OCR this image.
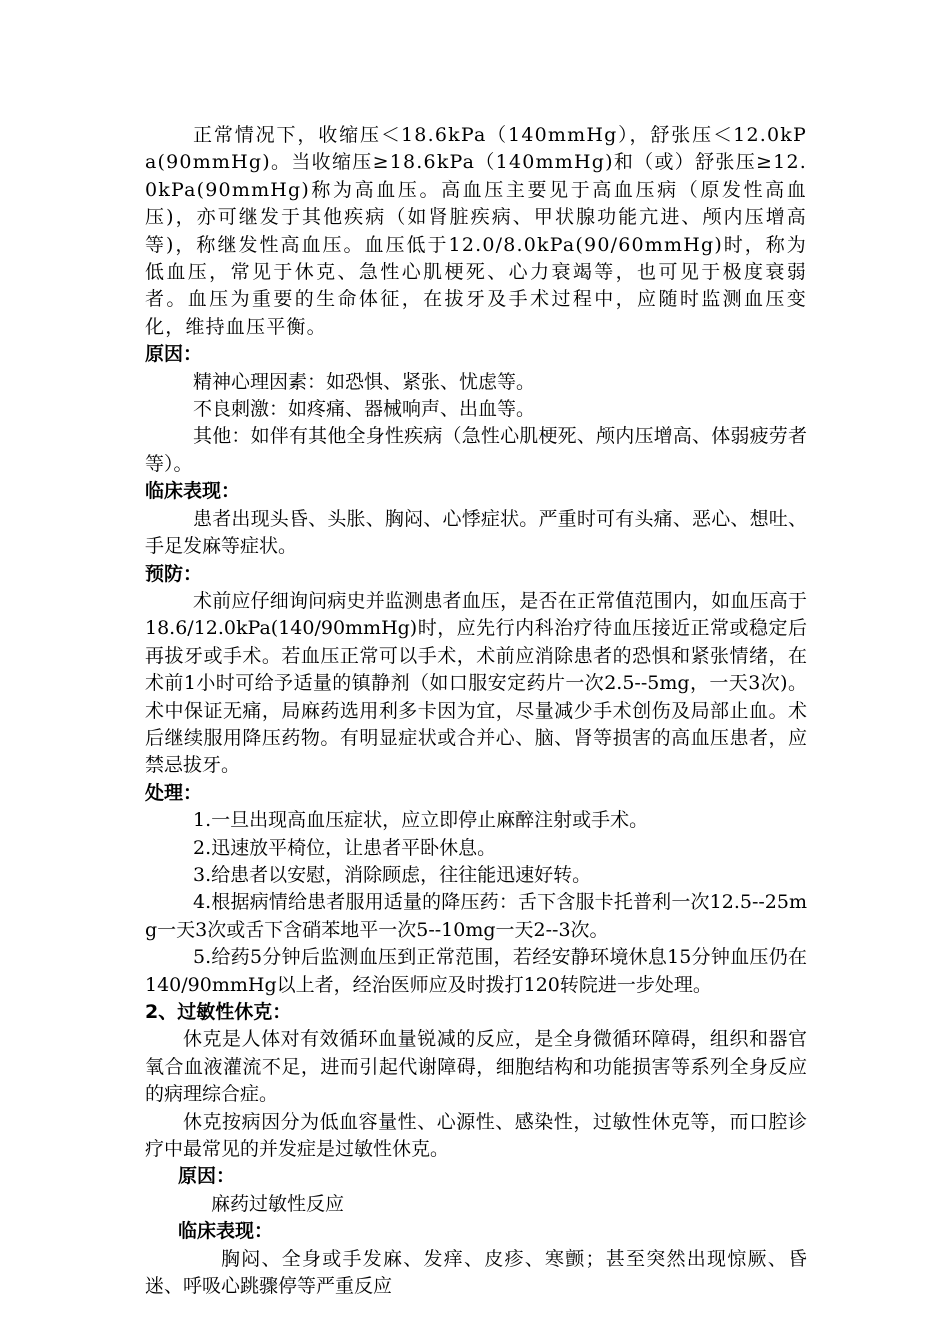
正常情况下，收缩压＜18.6kPa（140mmHg），舒张压＜12.0kPa(90mmHg)。当收缩压≥18.6kPa（140mmHg)和（或）舒张压≥12.0kPa(90mmHg)称为高血压。高血压主要见于高血压病（原发性高血压)，亦可继发于其他疾病（如肾脏疾病、甲状腺功能亢进、颅内压增高等)，称继发性高血压。血压低于12.0/8.0kPa(90/60mmHg)时，称为低血压，常见于休克、急性心肌梗死、心力衰竭等，也可见于极度衰弱者。血压为重要的生命体征，在拔牙及手术过程中，应随时监测血压变化，维持血压平衡。

原因：

精神心理因素：如恐惧、紧张、忧虑等。

不良刺激：如疼痛、器械响声、出血等。

其他：如伴有其他全身性疾病（急性心肌梗死、颅内压增高、体弱疲劳者等）。

临床表现：

患者出现头昏、头胀、胸闷、心悸症状。严重时可有头痛、恶心、想吐、手足发麻等症状。

预防：

术前应仔细询问病史并监测患者血压，是否在正常值范围内，如血压高于18.6/12.0kPa(140/90mmHg)时，应先行内科治疗待血压接近正常或稳定后再拔牙或手术。若血压正常可以手术，术前应消除患者的恐惧和紧张情绪，在术前1小时可给予适量的镇静剂（如口服安定药片一次2.5--5mg，一天3次)。术中保证无痛，局麻药选用利多卡因为宜，尽量减少手术创伤及局部止血。术后继续服用降压药物。有明显症状或合并心、脑、肾等损害的高血压患者，应禁忌拔牙。

处理：

1.一旦出现高血压症状，应立即停止麻醉注射或手术。

2.迅速放平椅位，让患者平卧休息。

3.给患者以安慰，消除顾虑，往往能迅速好转。

4.根据病情给患者服用适量的降压药：舌下含服卡托普利一次12.5--25mg一天3次或舌下含硝苯地平一次5--10mg一天2--3次。

5.给药5分钟后监测血压到正常范围，若经安静环境休息15分钟血压仍在140/90mmHg以上者，经治医师应及时拨打120转院进一步处理。

2、过敏性休克：

休克是人体对有效循环血量锐减的反应，是全身微循环障碍，组织和器官氧合血液灌流不足，进而引起代谢障碍，细胞结构和功能损害等系列全身反应的病理综合症。

休克按病因分为低血容量性、心源性、感染性，过敏性休克等，而口腔诊疗中最常见的并发症是过敏性休克。

原因：

麻药过敏性反应

临床表现：

胸闷、全身或手发麻、发痒、皮疹、寒颤；甚至突然出现惊厥、昏迷、呼吸心跳骤停等严重反应
